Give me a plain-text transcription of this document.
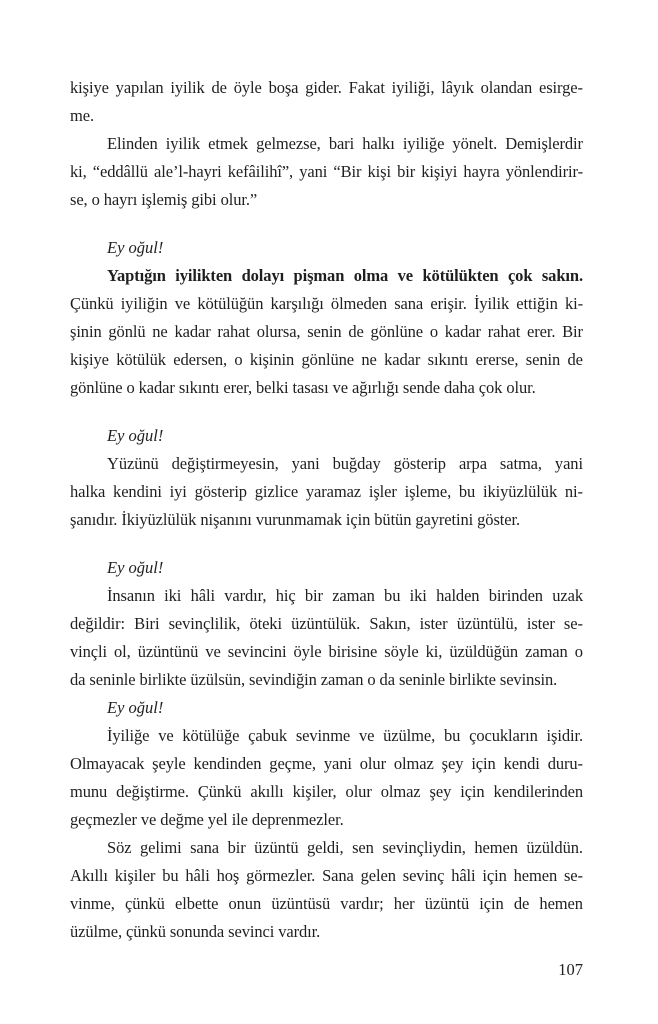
kişiye yapılan iyilik de öyle boşa gider. Fakat iyiliği, lâyık olandan esirge-
me.
Elinden iyilik etmek gelmezse, bari halkı iyiliğe yönelt. Demişlerdir
ki, “eddâllü ale’l-hayri kefâilihî”, yani “Bir kişi bir kişiyi hayra yönlendirir-
se, o hayrı işlemiş gibi olur.”
Ey oğul!
Yaptığın iyilikten dolayı pişman olma ve kötülükten çok sakın.
Çünkü iyiliğin ve kötülüğün karşılığı ölmeden sana erişir. İyilik ettiğin ki-
şinin gönlü ne kadar rahat olursa, senin de gönlüne o kadar rahat erer. Bir
kişiye kötülük edersen, o kişinin gönlüne ne kadar sıkıntı ererse, senin de
gönlüne o kadar sıkıntı erer, belki tasası ve ağırlığı sende daha çok olur.
Ey oğul!
Yüzünü değiştirmeyesin, yani buğday gösterip arpa satma, yani
halka kendini iyi gösterip gizlice yaramaz işler işleme, bu ikiyüzlülük ni-
şanıdır. İkiyüzlülük nişanını vurunmamak için bütün gayretini göster.
Ey oğul!
İnsanın iki hâli vardır, hiç bir zaman bu iki halden birinden uzak
değildir: Biri sevinçlilik, öteki üzüntülük. Sakın, ister üzüntülü, ister se-
vinçli ol, üzüntünü ve sevincini öyle birisine söyle ki, üzüldüğün zaman o
da seninle birlikte üzülsün, sevindiğin zaman o da seninle birlikte sevinsin.
Ey oğul!
İyiliğe ve kötülüğe çabuk sevinme ve üzülme, bu çocukların işidir.
Olmayacak şeyle kendinden geçme, yani olur olmaz şey için kendi duru-
munu değiştirme. Çünkü akıllı kişiler, olur olmaz şey için kendilerinden
geçmezler ve değme yel ile deprenmezler.
Söz gelimi sana bir üzüntü geldi, sen sevinçliydin, hemen üzüldün.
Akıllı kişiler bu hâli hoş görmezler. Sana gelen sevinç hâli için hemen se-
vinme, çünkü elbette onun üzüntüsü vardır; her üzüntü için de hemen
üzülme, çünkü sonunda sevinci vardır.
107
